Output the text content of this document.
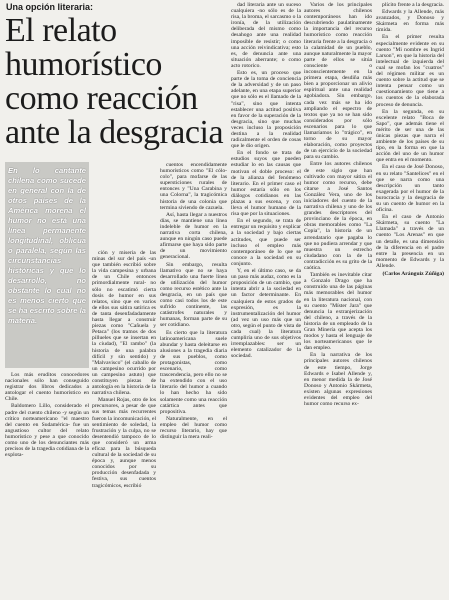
Una opción literaria:
El relato humorístico como reacción ante la desgracia
En lo cantante chilena como sucede en general con la de otros países de la América morena el humor no está una línea permanente longitudinal, oblicua o paralela, según las circunstancias históricas y que lo desarrollo, no obstante lo cual no es menos cierto que se ha escrito sobre la materia.

Los más eruditos conocedores nacionales sólo han conseguido registrar dos libros dedicados a antologar el cuento humorístico en Chile.

Baldomero Lillo, considerado el padre del cuento chileno -y según un crítico norteamericano "el maestro del cuento en Sudamérica- fue un angustioso cultor del relato humorístico y pese a que conocido como uno de los denunciantes más precisos de la tragedia cotidiana de la explota-

ción y miseria de las minas del sur del país -un que también escribió sobre la vida campesina y urbana de un Chile entonces primordialmente rural- no sólo no escatimó cierta dosis de humor en sus relatos, sino que en varios de ellos sus sátira satírica es de tanta desenfadadamente hasta llegar a construir piezas como "Cañuela y Petaca" (los tramos de dos pillueles que se insertan en la ciudad), "El rambo" (la historia de una palabra difícil y sin sentido) y "Malvavisco" (el caballo de un campesino ocurrido por un campesino astuto) que constituyen piezas de antología en la historia de la narrativa chilena.

Manuel Rojas, otro de los precursores, a pesar de que sus temas más recurrentes fueron la incomunicación, el sentimiento de soledad, la frustración y la culpa, no se desentendió tampoco de lo que consideró un arma eficaz para la búsqueda cultural de la sociedad de su época y, aunque menos conocidos por su producción desenfadada y festiva, sus cuentos tragicómicos, escribió

cuentos encendidamente humorísticos como "El cólo-colo", para mofarse de las supersticiones rurales de entonces y "Una Carabina y una Colorna", la tragicómica historia de una colonia que termina siviendo de cazuela.

Así, hasta llegar a nuestros días, se mantiene una línea indeleble de humor en la narrativa corta chilena, aunque en ningún caso puede afirmarse que haya sido parte de un movimiento generacional.

Sin embargo, resulta llamativo que no se haya desarrollado una fuerte línea de utilización del humor como recurso estético ante la desgracia, en un país que como casi todos los de este sufrido continente, las catástrofes naturales y humanas, forman parte de su ser cotidiano.

Es cierto que la literatura latinoamericana suele abundar y hasta deleitarse en alusiones a la tragedia diaria de sus pueblos, como protagonistas, como escenario, como trascendencia, pero ello no se ha extendido con el uso literario del humor a cuando lo han hecho ha sido solamente como una reacción catártica antes que propositiva.

Naturalmente, en el empleo del humor como recurso literario, hay que distinguir la mera reali-

dad literaria ante un suceso cualquiera -no sólo es de la risa, la broma, el sarcasmo o la ironía, de la utilización deliberada del mismo como desahogo ante una realidad imposible de resistir; o como una acción reivindicativa; esto es, de denuncia ante una situación aberrante; o como acto rotorico.

Esto es, un proceso que parte de la toma de conciencia de la adversidad y de un paso adelante, en una etapa superior que no sólo es el llamado de la "risa", sino que intenta establecer una actitud positiva en favor de la superación de la desgracia, sino que muchas veces incluso la proposición destina a la realidad radicalmente el orden de cosas que le dio origen.

En el fondo se trata de estudios suyos que pueden estudiar lo en las causas que motivan el doble proceso: el de la alianza del fenómeno literario. En el primer caso el humor estaría sólo en los diálogos cotidianos en las plazas a sus escena, y con lleva el humor humano de la risa que por la situaciones.

En el segundo, se trata de entregar un requisito y explicar a la sociedad y bajo ciertas actitudes, que puede ser incluso el empleo más contemporáneo de lo que se conoce a la sociedad en su conjunto.

Y, en el último caso, se da un paso más audaz, como es la proposición de un cambio, que intenta abrir a la sociedad en un factor determinante. En cualquiera de estos grados de expresión, es la instrumentalización del humor (ad vez un uso más que un otro, según el punto de vista de cada cual) la literatura cumpliría uno de sus objetivos irremplazables: ser un elemento catalizador de la sociedad.

Varios de los principales autores chilenos contemporáneos han ido descubriendo paulatinamente la importancia del recurso humorístico como reacción literaria frente a la desgracia o la calamidad de un pueblo, aunque naturalmente la mayor parte de ellos se sitúa consciente o inconscientemente en la primera etapa, desdiña más bien a proporcionar un alivio espiritual ante una realidad agobiadora. Sin embargo, cada vez más se ha ido ampliando el espectro de textos que ya no se han sido considerados por sólo escenarios para lo que llamaríamos lo "trágico", en torno de su mayor elaboración, como proyectos de un ejercicio de la sociedad para su cambio.

Entre los autores chilenos de este siglo que han cultivado con mayor sátira el humor como recurso, debe citarse a José Santos González Vera, uno de los iniciadores del cuento de la narrativa chilena y uno de los grandes descriptores del provinciano de la época, en obras memorables como "La Copia", la historia de un arrendatario que pagaba lo que no pudiera arrendar y que muestra un estrecho ciudadano con la de la contradicción es su grito de la caótica.

También es inevitable citar a Gonzalo Drago que ha construido una de las páginas más memorables del humor en la literatura nacional, con su cuento "Míster Jara" que denuncia la extranjerización del chileno, a través de la historia de un empleado de la Gran Minería que acepta los modos y hasta el lenguaje de los norteamericanos que le dan empleo.

En la narrativa de los principales autores chilenos de este tiempo, Jorge Edwards e Isabel Allende y, en menor medida la de José Donoso y Antonio Skármeta, existen algunas expresiones evidentes del empleo del humor como recurso ex-

plícito frente a la desgracia.

Edwards y la Allende, más avanzados, y Donoso y Skármeta en forma más tímida.

En el primer resulta especialmente evidente en su cuento "Mi nombre es Ingrid Larson", en que la historia del intelectual de izquierda del cual se mofan los "cuatros" del régimen militar es un cuento sobre la actitud que se intenta pensar como un cuestionamiento que tiene a los cuentos de la elaborada proceso de denuncia.

En la segunda, en su excelente relato "Boca de Sapo", que además tiene el mérito de ser una de las únicas piezas que narra el ambiente de los países de su tipo, en la forma en que la acción del uno de un humor que entra en el momento.

En el caso de José Donoso, en su relato "Santelices" en el que se narra como una descripción un tanto exagerada por el humor de la burocracia y la desgracia de su un cuento de humor en la oficina.

En el caso de Antonio Skármeta, su cuento "La Llamada" a través de un cuento "Los Arenas" en que un detalle, es una dimensión de la diferencia en el padre entre la presencia en un momento de Edwards y la Allende.

(Carlos Aránguiz Zúñiga)
